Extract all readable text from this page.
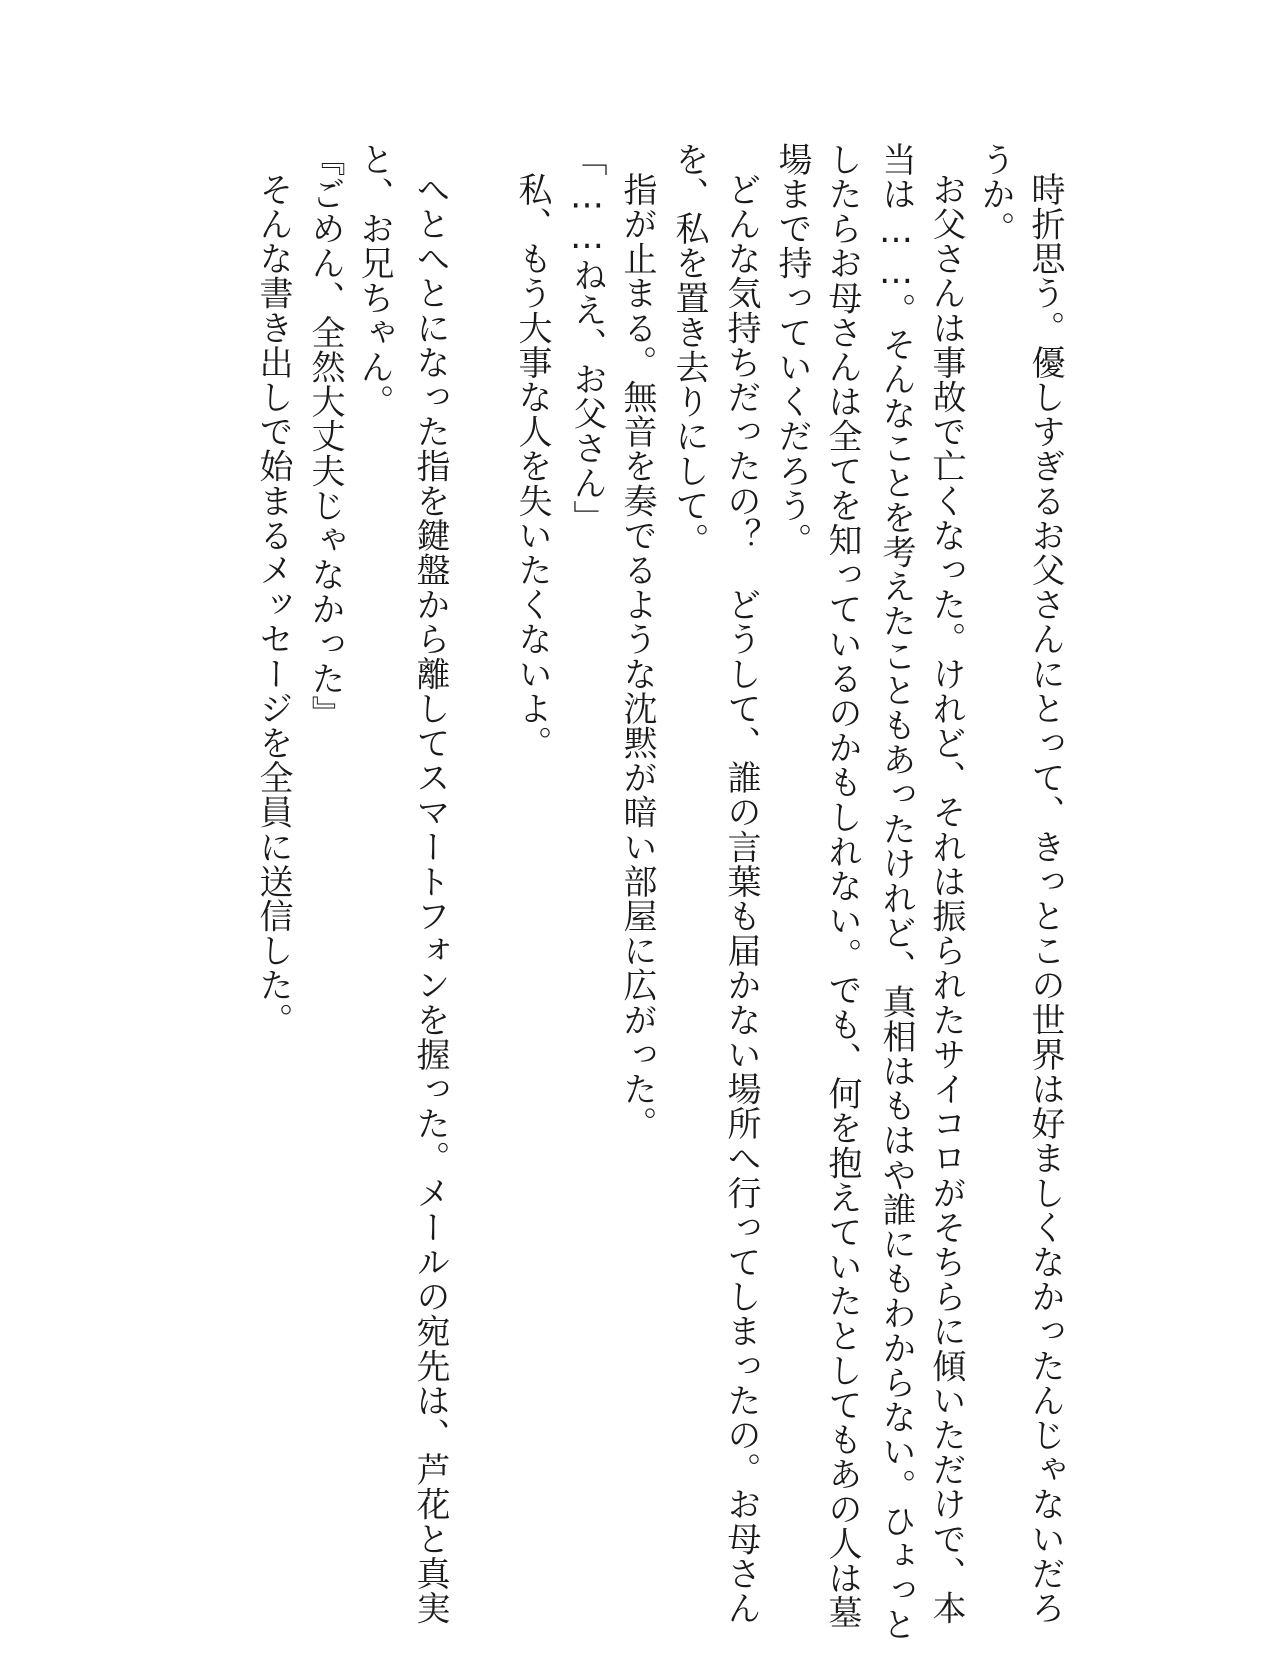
時折思う。優しすぎるお父さんにとって、きっとこの世界は好ましくなかったんじゃないだろ
うか。
お父さんは事故で亡くなった。けれど、それは振られたサイコロがそちらに傾いただけで、本
当は……。そんなことを考えたこともあったけれど、真相はもはや誰にもわからない。ひょっと
したらお母さんは全てを知っているのかもしれない。でも、何を抱えていたとしてもあの人は墓
場まで持っていくだろう。
どんな気持ちだったの？　どうして、誰の言葉も届かない場所へ行ってしまったの。お母さん
を、私を置き去りにして。
指が止まる。無音を奏でるような沈黙が暗い部屋に広がった。
「……ねえ、お父さん」
私、もう大事な人を失いたくないよ。
へとへとになった指を鍵盤から離してスマートフォンを握った。メールの宛先は、芦花と真実
と、お兄ちゃん。
『ごめん、全然大丈夫じゃなかった』
そんな書き出しで始まるメッセージを全員に送信した。
